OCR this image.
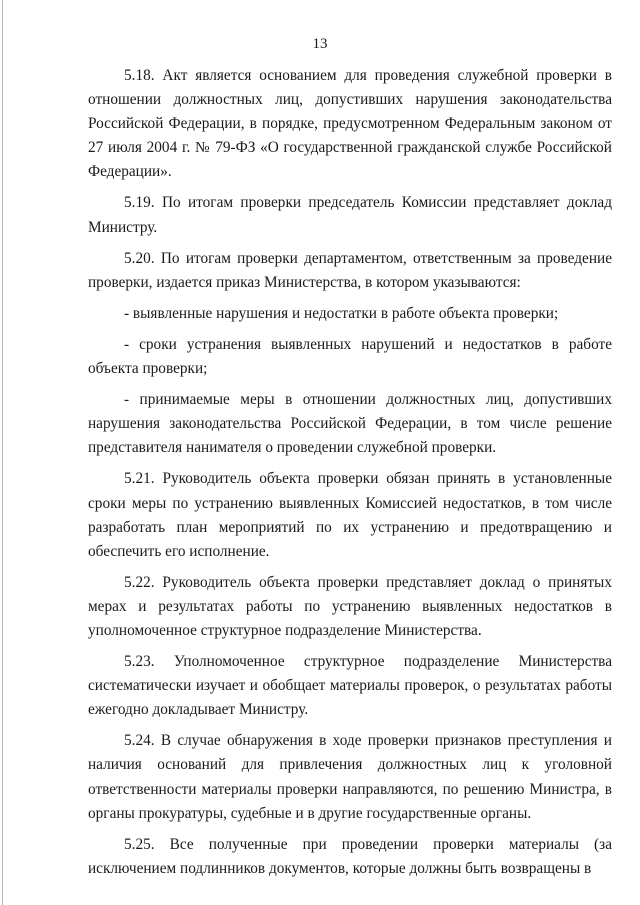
13

5.18. Акт является основанием для проведения служебной проверки в отношении должностных лиц, допустивших нарушения законодательства Российской Федерации, в порядке, предусмотренном Федеральным законом от 27 июля 2004 г. № 79-ФЗ «О государственной гражданской службе Российской Федерации».

5.19. По итогам проверки председатель Комиссии представляет доклад Министру.

5.20. По итогам проверки департаментом, ответственным за проведение проверки, издается приказ Министерства, в котором указываются:

- выявленные нарушения и недостатки в работе объекта проверки;

- сроки устранения выявленных нарушений и недостатков в работе объекта проверки;

- принимаемые меры в отношении должностных лиц, допустивших нарушения законодательства Российской Федерации, в том числе решение представителя нанимателя о проведении служебной проверки.

5.21. Руководитель объекта проверки обязан принять в установленные сроки меры по устранению выявленных Комиссией недостатков, в том числе разработать план мероприятий по их устранению и предотвращению и обеспечить его исполнение.

5.22. Руководитель объекта проверки представляет доклад о принятых мерах и результатах работы по устранению выявленных недостатков в уполномоченное структурное подразделение Министерства.

5.23. Уполномоченное структурное подразделение Министерства систематически изучает и обобщает материалы проверок, о результатах работы ежегодно докладывает Министру.

5.24. В случае обнаружения в ходе проверки признаков преступления и наличия оснований для привлечения должностных лиц к уголовной ответственности материалы проверки направляются, по решению Министра, в органы прокуратуры, судебные и в другие государственные органы.

5.25. Все полученные при проведении проверки материалы (за исключением подлинников документов, которые должны быть возвращены в
